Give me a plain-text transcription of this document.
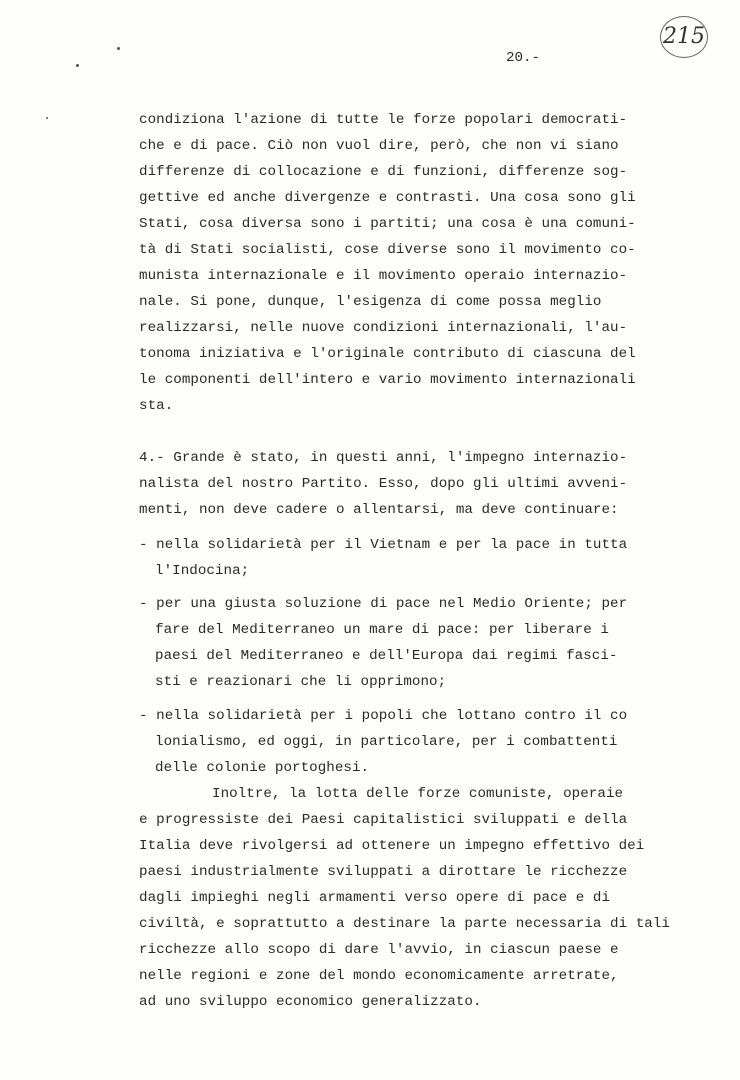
215
20.-
condiziona l'azione di tutte le forze popolari democrati-
che e di pace. Ciò non vuol dire, però, che non vi siano
differenze di collocazione e di funzioni, differenze sog-
gettive ed anche divergenze e contrasti. Una cosa sono gli
Stati, cosa diversa sono i partiti; una cosa è una comuni-
tà di Stati socialisti, cose diverse sono il movimento co-
munista internazionale e il movimento operaio internazio-
nale. Si pone, dunque, l'esigenza di come possa meglio
realizzarsi, nelle nuove condizioni internazionali, l'au-
tonoma iniziativa e l'originale contributo di ciascuna del
le componenti dell'intero e vario movimento internazionali
sta.
4.- Grande è stato, in questi anni, l'impegno internazio-
nalista del nostro Partito. Esso, dopo gli ultimi avveni-
menti, non deve cadere o allentarsi, ma deve continuare:
- nella solidarietà per il Vietnam e per la pace in tutta
l'Indocina;
- per una giusta soluzione di pace nel Medio Oriente; per
fare del Mediterraneo un mare di pace: per liberare i
paesi del Mediterraneo e dell'Europa dai regimi fasci-
sti e reazionari che li opprimono;
- nella solidarietà per i popoli che lottano contro il co
lonialismo, ed oggi, in particolare, per i combattenti
delle colonie portoghesi.
Inoltre, la lotta delle forze comuniste, operaie
e progressiste dei Paesi capitalistici sviluppati e della
Italia deve rivolgersi ad ottenere un impegno effettivo dei
paesi industrialmente sviluppati a dirottare le ricchezze
dagli impieghi negli armamenti verso opere di pace e di
civiltà, e soprattutto a destinare la parte necessaria di tali
ricchezze allo scopo di dare l'avvio, in ciascun paese e
nelle regioni e zone del mondo economicamente arretrate,
ad uno sviluppo economico generalizzato.
